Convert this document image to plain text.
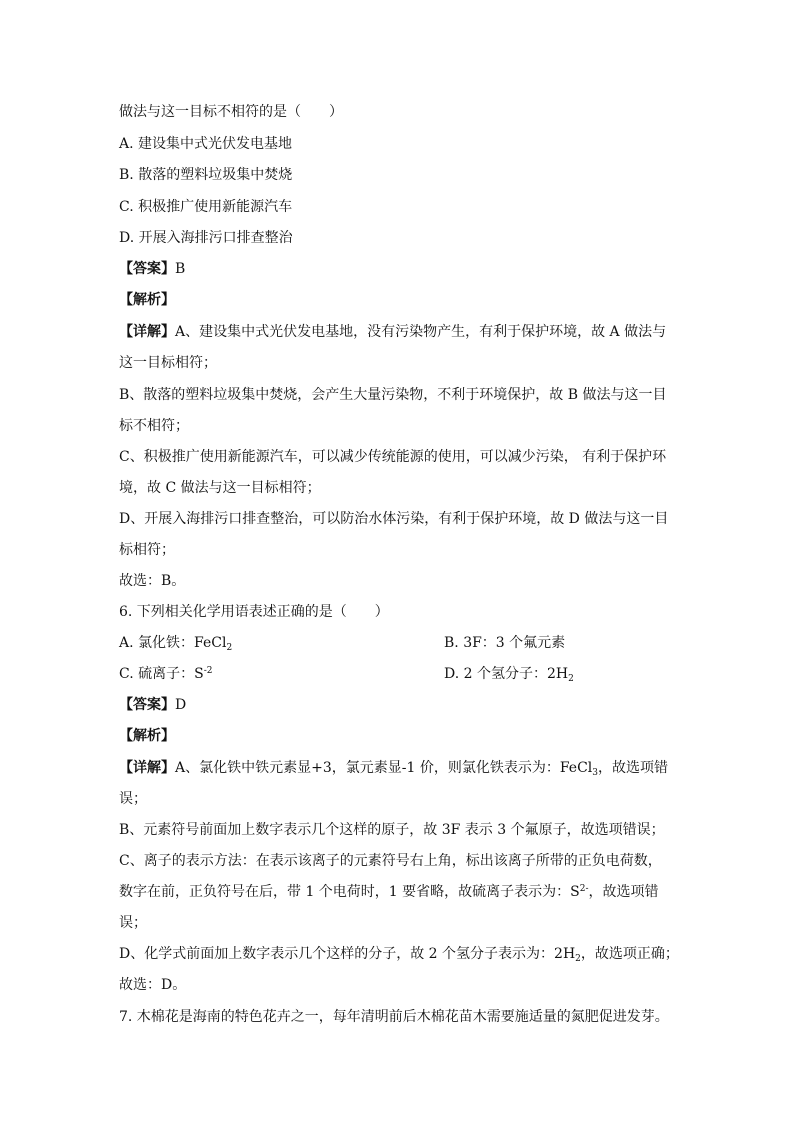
做法与这一目标不相符的是（　　）
A. 建设集中式光伏发电基地
B. 散落的塑料垃圾集中焚烧
C. 积极推广使用新能源汽车
D. 开展入海排污口排查整治
【答案】B
【解析】
【详解】A、建设集中式光伏发电基地，没有污染物产生，有利于保护环境，故 A 做法与
这一目标相符；
B、散落的塑料垃圾集中焚烧，会产生大量污染物，不利于环境保护，故 B 做法与这一目
标不相符；
C、积极推广使用新能源汽车，可以减少传统能源的使用，可以减少污染， 有利于保护环
境，故 C 做法与这一目标相符；
D、开展入海排污口排查整治，可以防治水体污染，有利于保护环境，故 D 做法与这一目
标相符；
故选：B。
6. 下列相关化学用语表述正确的是（　　）
A. 氯化铁：FeCl$_2$	B. 3F：3 个氟元素
C. 硫离子：$S^{-2}$	D. 2 个氢分子：$2H_2$
【答案】D
【解析】
【详解】A、氯化铁中铁元素显+3，氯元素显-1 价，则氯化铁表示为：FeCl$_3$，故选项错
误；
B、元素符号前面加上数字表示几个这样的原子，故 3F 表示 3 个氟原子，故选项错误；
C、离子的表示方法：在表示该离子的元素符号右上角，标出该离子所带的正负电荷数，
数字在前，正负符号在后，带 1 个电荷时，1 要省略，故硫离子表示为：$S^{2-}$，故选项错
误；
D、化学式前面加上数字表示几个这样的分子，故 2 个氢分子表示为：$2H_2$，故选项正确；
故选：D。
7. 木棉花是海南的特色花卉之一，每年清明前后木棉花苗木需要施适量的氮肥促进发芽。
